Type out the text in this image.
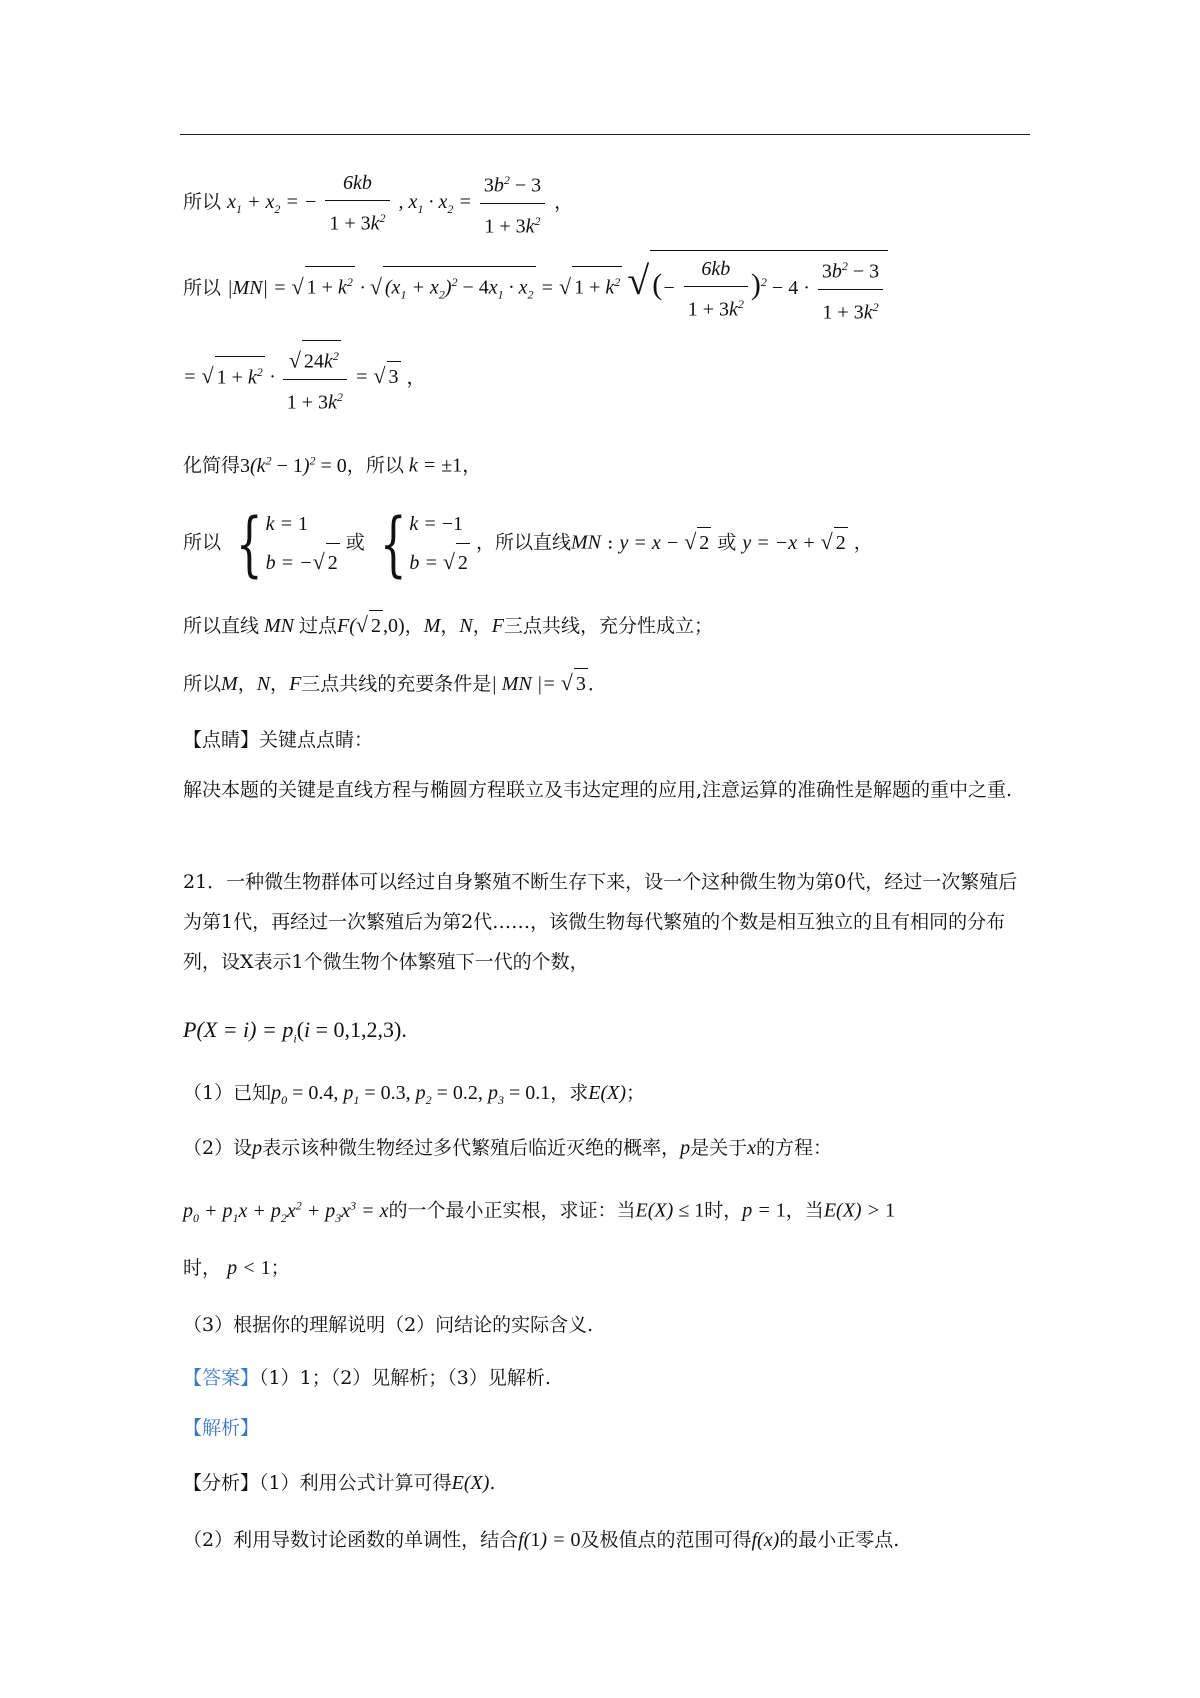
所以 $x_1 + x_2$ = − $\frac{6kb}{1 + 3k^2}$ , $x_1 \cdot x_2 = \frac{3b^2 - 3}{1 + 3k^2}$ ，
所以 |MN| = √ $1 + k^2$ · √ $(x_1 + x_2)^2 - 4x_1 \cdot x_2$ = √ $1 + k^2$ √ (− $\frac{6kb}{1 + 3k^2} )^2 - 4 \cdot \frac{3b^2 - 3}{1 + 3k^2}$
= √ $1 + k^2 \cdot \frac{√ 24k^2}{1 + 3k^2}$ = √ 3 ，
化简得$3(k^2 - 1)^2 = 0$，所以 k = ±1，
所以 { k = 1
b = −√ 2
或 { k = −1
b = √ 2
，所以直线MN : y = x − √ 2 或 y = −x + √ 2 ，
所以直线 MN 过点F(√ 2 ,0)，M，N，F三点共线，充分性成立；
所以M，N，F三点共线的充要条件是| MN |= √ 3 ．
【点睛】关键点点睛：
解决本题的关键是直线方程与椭圆方程联立及韦达定理的应用,注意运算的准确性是解题的重中之重.
21．一种微生物群体可以经过自身繁殖不断生存下来，设一个这种微生物为第0代，经过一次繁殖后为第1代，再经过一次繁殖后为第2代……，该微生物每代繁殖的个数是相互独立的且有相同的分布列，设X表示1个微生物个体繁殖下一代的个数，
$P(X = i) = p_i(i = 0,1,2,3)$.
（1）已知$p_0 = 0.4$, $p_1 = 0.3$, $p_2 = 0.2$, $p_3 = 0.1$，求E(X)；
（2）设p表示该种微生物经过多代繁殖后临近灭绝的概率，p是关于x的方程：
$p_0 + p_1x + p_2x^2 + p_3x^3 = x$的一个最小正实根，求证：当E(X) ≤ 1时，p = 1，当E(X) > 1
时， p < 1；
（3）根据你的理解说明（2）问结论的实际含义.
【答案】（1）1；（2）见解析；（3）见解析.
【解析】
【分析】（1）利用公式计算可得E(X).
（2）利用导数讨论函数的单调性，结合f(1) = 0及极值点的范围可得f(x)的最小正零点.
